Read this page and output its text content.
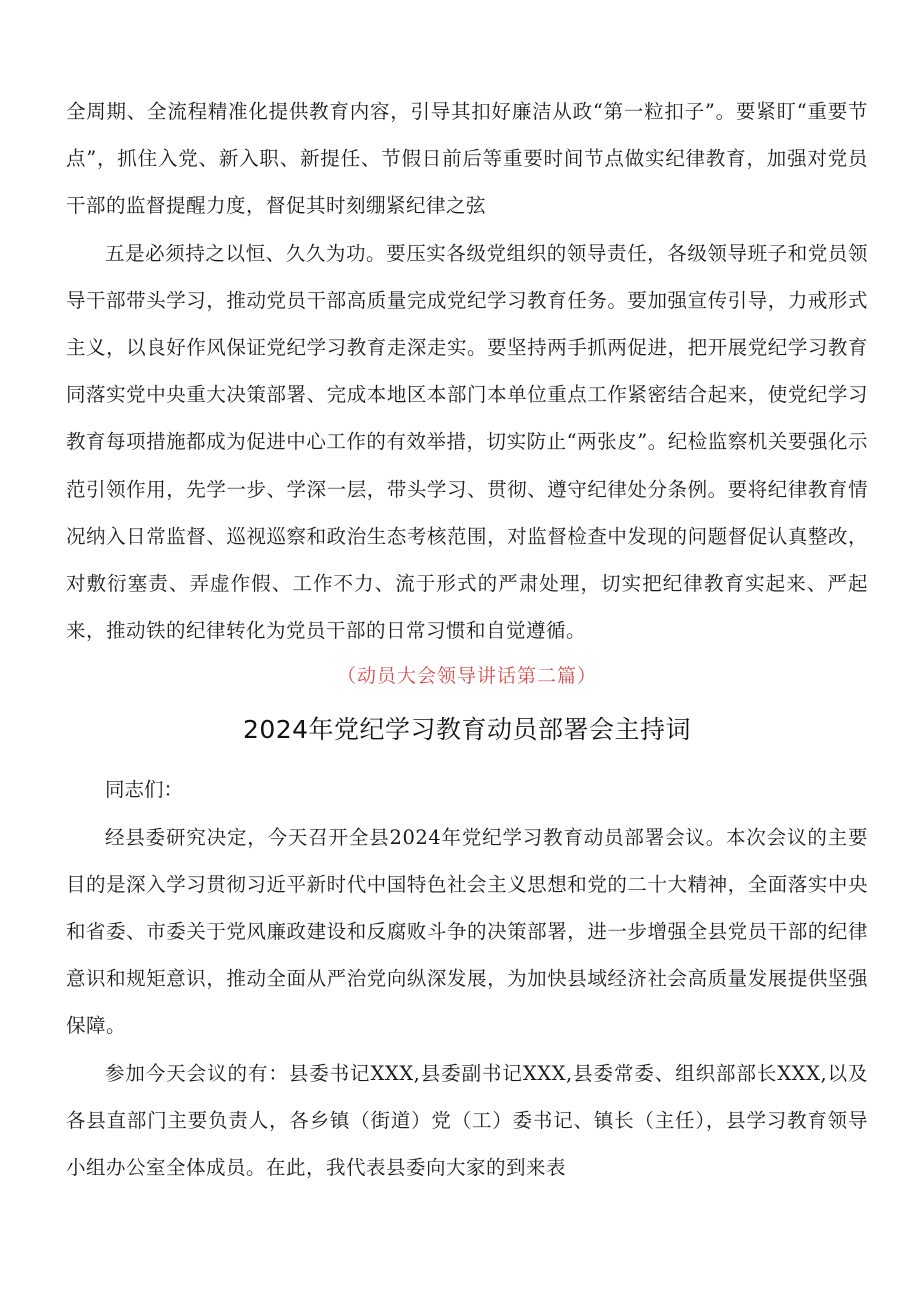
全周期、全流程精准化提供教育内容，引导其扣好廉洁从政“第一粒扣子”。要紧盯“重要节点”，抓住入党、新入职、新提任、节假日前后等重要时间节点做实纪律教育，加强对党员干部的监督提醒力度，督促其时刻绷紧纪律之弦

五是必须持之以恒、久久为功。要压实各级党组织的领导责任，各级领导班子和党员领导干部带头学习，推动党员干部高质量完成党纪学习教育任务。要加强宣传引导，力戒形式主义，以良好作风保证党纪学习教育走深走实。要坚持两手抓两促进，把开展党纪学习教育同落实党中央重大决策部署、完成本地区本部门本单位重点工作紧密结合起来，使党纪学习教育每项措施都成为促进中心工作的有效举措，切实防止“两张皮”。纪检监察机关要强化示范引领作用，先学一步、学深一层，带头学习、贯彻、遵守纪律处分条例。要将纪律教育情况纳入日常监督、巡视巡察和政治生态考核范围，对监督检查中发现的问题督促认真整改，对敷衍塞责、弄虚作假、工作不力、流于形式的严肃处理，切实把纪律教育实起来、严起来，推动铁的纪律转化为党员干部的日常习惯和自觉遵循。

（动员大会领导讲话第二篇）

2024年党纪学习教育动员部署会主持词

同志们：

经县委研究决定，今天召开全县2024年党纪学习教育动员部署会议。本次会议的主要目的是深入学习贯彻习近平新时代中国特色社会主义思想和党的二十大精神，全面落实中央和省委、市委关于党风廉政建设和反腐败斗争的决策部署，进一步增强全县党员干部的纪律意识和规矩意识，推动全面从严治党向纵深发展，为加快县域经济社会高质量发展提供坚强保障。

参加今天会议的有：县委书记XXX,县委副书记XXX,县委常委、组织部部长XXX,以及各县直部门主要负责人，各乡镇（街道）党（工）委书记、镇长（主任），县学习教育领导小组办公室全体成员。在此，我代表县委向大家的到来表
